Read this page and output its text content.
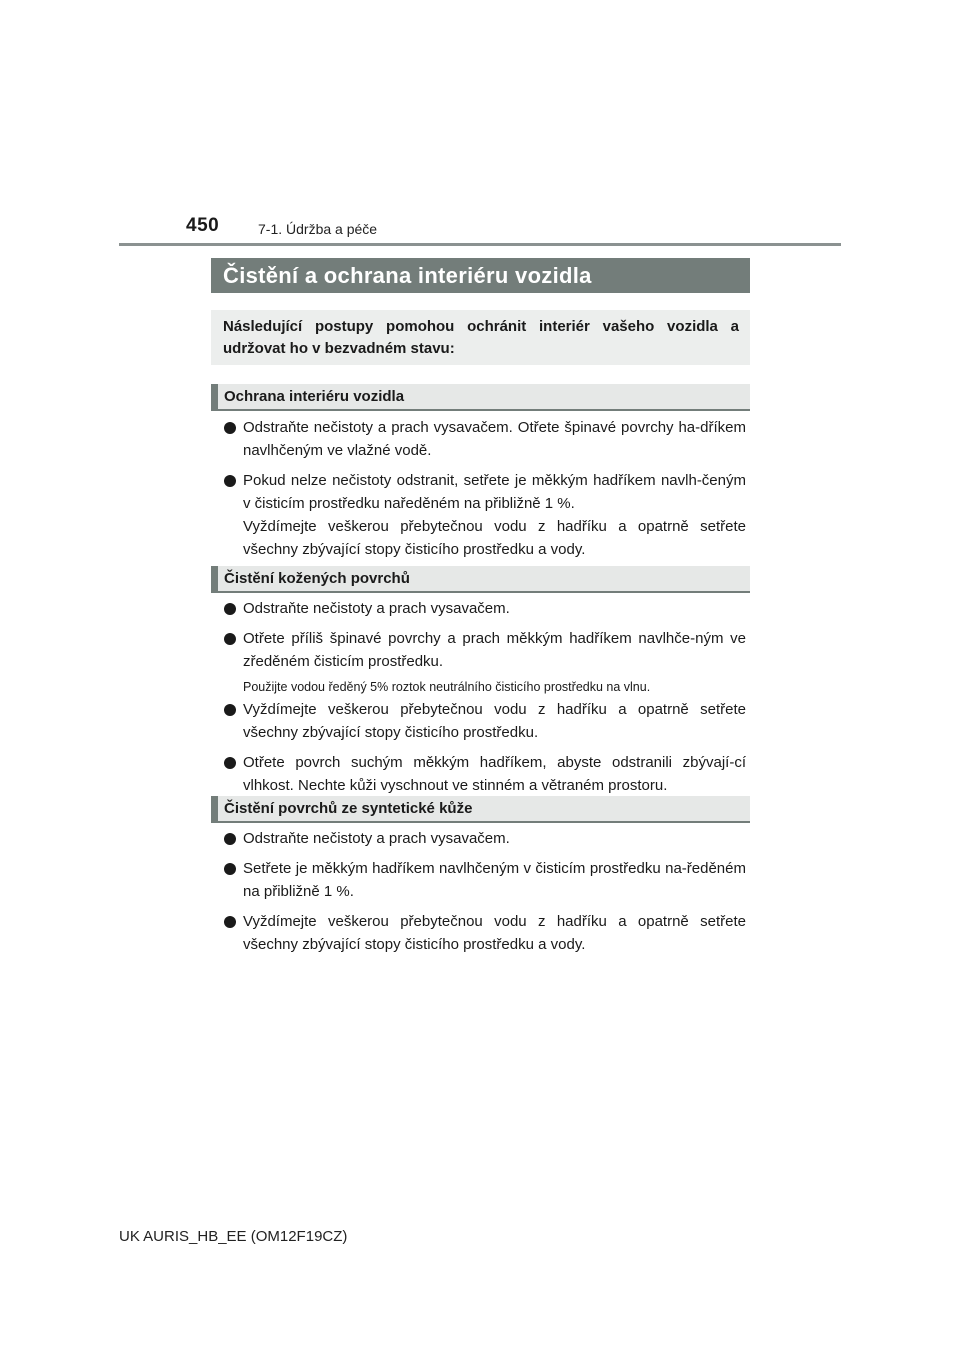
450	7-1. Údržba a péče
Čistění a ochrana interiéru vozidla
Následující postupy pomohou ochránit interiér vašeho vozidla a udržovat ho v bezvadném stavu:
Ochrana interiéru vozidla
Odstraňte nečistoty a prach vysavačem. Otřete špinavé povrchy ha-dříkem navlhčeným ve vlažné vodě.
Pokud nelze nečistoty odstranit, setřete je měkkým hadříkem navlh-čeným v čisticím prostředku naředěném na přibližně 1 %.
Vyždímejte veškerou přebytečnou vodu z hadříku a opatrně setřete všechny zbývající stopy čisticího prostředku a vody.
Čistění kožených povrchů
Odstraňte nečistoty a prach vysavačem.
Otřete příliš špinavé povrchy a prach měkkým hadříkem navlhče-ným ve zředěném čisticím prostředku.
Použijte vodou ředěný 5% roztok neutrálního čisticího prostředku na vlnu.
Vyždímejte veškerou přebytečnou vodu z hadříku a opatrně setřete všechny zbývající stopy čisticího prostředku.
Otřete povrch suchým měkkým hadříkem, abyste odstranili zbývají-cí vlhkost. Nechte kůži vyschnout ve stinném a větraném prostoru.
Čistění povrchů ze syntetické kůže
Odstraňte nečistoty a prach vysavačem.
Setřete je měkkým hadříkem navlhčeným v čisticím prostředku na-ředěném na přibližně 1 %.
Vyždímejte veškerou přebytečnou vodu z hadříku a opatrně setřete všechny zbývající stopy čisticího prostředku a vody.
UK AURIS_HB_EE (OM12F19CZ)
